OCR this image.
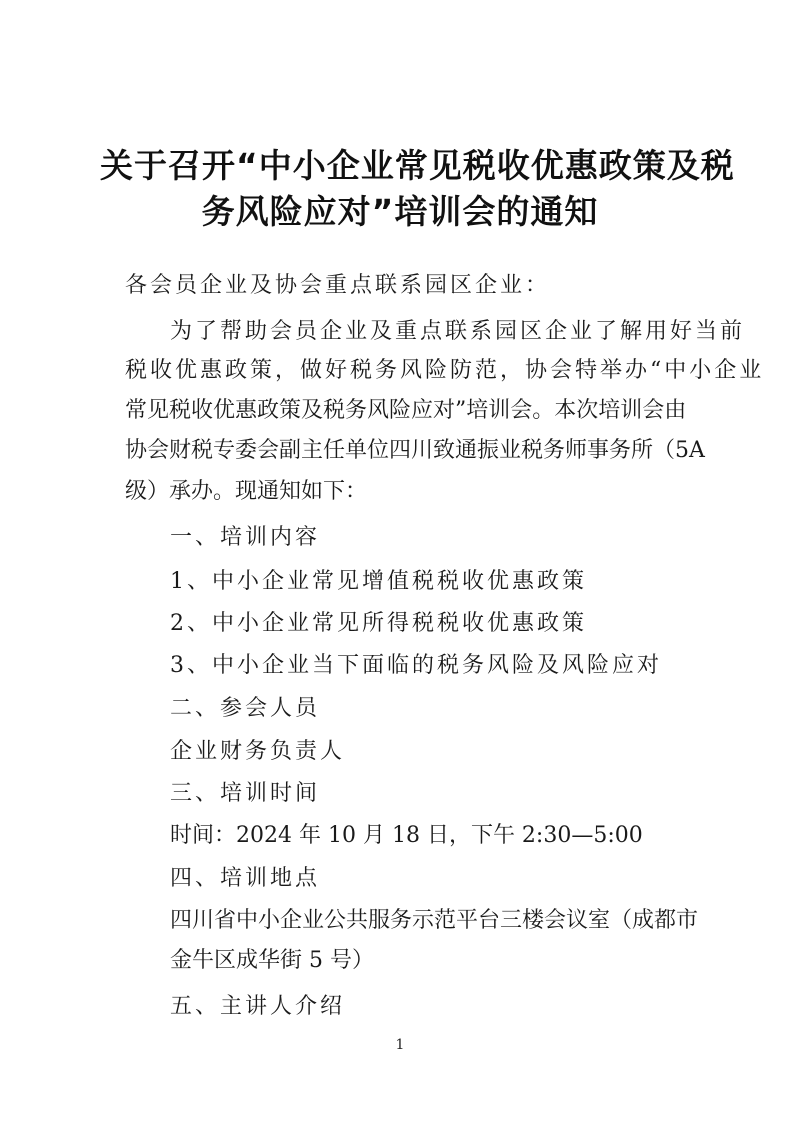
关于召开“中小企业常见税收优惠政策及税
务风险应对”培训会的通知
各会员企业及协会重点联系园区企业：
为了帮助会员企业及重点联系园区企业了解用好当前
税收优惠政策，做好税务风险防范，协会特举办“中小企业
常见税收优惠政策及税务风险应对”培训会。本次培训会由
协会财税专委会副主任单位四川致通振业税务师事务所（5A
级）承办。现通知如下：
一、培训内容
1、中小企业常见增值税税收优惠政策
2、中小企业常见所得税税收优惠政策
3、中小企业当下面临的税务风险及风险应对
二、参会人员
企业财务负责人
三、培训时间
时间：2024 年 10 月 18 日，下午 2:30—5:00
四、培训地点
四川省中小企业公共服务示范平台三楼会议室（成都市
金牛区成华街 5 号）
五、主讲人介绍
1
